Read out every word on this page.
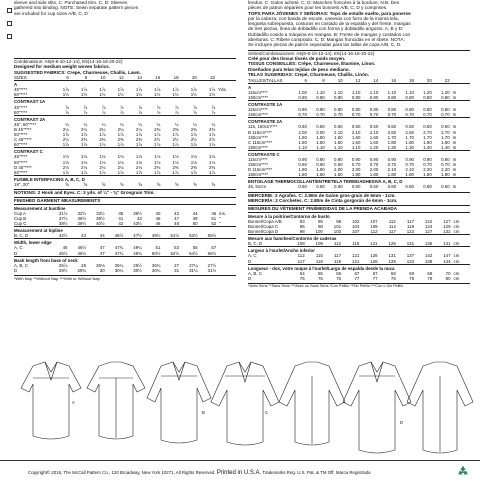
sleeve and side slits. C: Purchased trim. C, D: Sleeves
gathered into binding. NOTE: Sewn separate pattern pieces
are included for cup sizes A/B, C, D
Combinations: A5(6-8-10-12-14), E5(14-16-18-20-22)
Designed for medium weight woven fabrics.
SUGGESTED FABRICS: Crepe, Charmeuse, Challis, Lawn.
SIZES	6	8	10	12	14	16	18	20	22	
A										
45"****	1⅞	1⅞	1⅞	1⅞	1⅞	1⅞	1⅞	1⅞	1⅞	Yds.
60"****	1½	1½	1½	1½	1½	1½	1½	1½	1½	
CONTRAST 1A										
45"****	⅞	⅞	⅞	⅞	⅞	⅞	⅞	⅞	⅞	
60"****	⅞	⅞	⅞	⅞	⅞	⅞	⅞	⅞	⅞	
CONTRAST 2A										
45", 60"****	¼	¼	¼	¼	¼	¼	¼	¼	¼	
B 45"****	2¼	2¼	2¼	2¼	2¼	2⅜	2⅜	2⅜	2⅜	
60"****	1⅞	1⅞	1⅞	1⅞	1⅞	1⅞	1⅞	1⅞	1⅞	
C 45"****	2¼	2⅜	2⅜	2⅜	2⅜	2½	2½	2½	2½	
60"****	1⅞	1⅞	1⅞	1⅞	1⅞	1⅞	1⅞	1⅞	1⅞	
CONTRAST C										
45"****	1⅛	1⅛	1⅛	1⅛	1⅛	1⅛	1⅛	1⅛	1⅛	
60"****	1⅛	1⅛	1⅛	1⅛	1⅛	1⅛	1⅛	1⅛	1⅛	
D 45"****	2⅛	2⅛	2⅛	2⅛	2⅛	2⅜	2⅜	2⅜	2⅜	
60"****	1⅞	1⅞	1⅞	1⅞	1⅞	1⅞	1⅞	1⅞	1⅞	
FUSIBLE INTERFACING A, B, C, D										
18", 20"	⅝	⅝	⅝	⅝	⅝	⅝	⅝	⅝	⅝	
NOTIONS: 2 Hook and Eyes. C: 3 yds. of ¼" - ⅜" Grosgrain Trim.
FINISHED GARMENT MEASUREMENTS
Measurement at bustline										
Cup A	31½	32½	33½	35	36½	40	42	44	46	ins.
Cup B	37½	38½	39½	41	43	45	47	49	51	"
Cup C	38½	39½	40½	42	43½	46	48	50	52	"
Measurement at hipline										
B, C, D	42½	43	44	45½	47½	49½	51½	53½	55½	
Width, lower edge										
A, C	46	46½	47	47¾	49¼	51	53	55	57	
D	45½	46½	47	47¾	49¾	50½	52½	54½	56½	
Back length from base of neck										
A, B, C	25⅞	26	26⅛	26¼	26½	26¾	27	27¼	27½	
D	29½	29¾	30	30¼	30½	30¾	31	31¼	31½	
*With Nap **Without Nap ***With or Without Nap
fendus. C: Galon acheté. C, D: Manches froncées à la bordure. N.B. Des
pièces de patron séparées pour les bonnets A/B, C, D y comprises.
TOPS PARA JÓVENES Y SEÑORAS: Tops de entalle suelto, para ponerse
por la cabeza, con banda de escote, canesús con forro de la misma tela,
lengüeta sobrepuesta, costuras en costado de la espalda y del frente, mangas
de tres piezas, línea de dobladillo con forma y dobladillo angosto. A, B y D:
Dobladillo cosido a máquina en mangas. B: Frente de mangas y costados con
aberturas. C: Ribete comprado. C, D: Mangas fruncidas en el ribete. NOTA:
Se incluyen piezas de patrón separadas para las tallas de copa A/B, C, D.
Séries/Combinaciones: A5(6-8-10-12-14), E5(14-16-18-20-22)
Créé pour des tissus tissés de poids moyen.
TISSUS CONSEILLÉS: Crêpe, Charmeuse, Étamine, Linon.
Diseñados para telas tejidas de peso mediano.
TELAS SUGERIDAS: Crepé, Charmeuse, Challis, Linón.
TAILLES/TALLAS	6	8	10	12	14	16	18	20	22	
A										
115cm****	1.00	1.10	1.10	1.10	1.10	1.10	1.10	1.20	1.20	m
150cm****	0.80	0.80	0.80	0.80	0.80	0.80	0.80	0.80	0.80	m
CONTRASTE 1A										
115cm****	0.80	0.80	0.80	0.80	0.80	0.80	0.80	0.80	0.80	m
150cm****	0.70	0.70	0.70	0.70	0.70	0.70	0.70	0.70	0.70	m
CONTRASTE 2A										
115, 150cm****	0.60	0.60	0.60	0.60	0.60	0.60	0.60	0.60	0.60	m
B 115cm****	2.00	2.00	2.10	2.10	2.10	2.60	2.60	2.70	2.70	m
150cm****	1.50	1.50	1.60	1.60	1.60	1.70	1.70	1.70	1.70	m
C 115cm****	1.50	1.50	1.50	1.60	1.60	1.80	1.80	1.90	1.90	m
150cm****	1.10	1.10	1.10	1.10	1.20	1.30	1.30	1.40	1.40	m
CONTRASTE C										
115cm****	0.90	0.90	0.90	0.90	0.90	0.90	0.90	0.90	0.90	m
150cm****	0.60	0.60	0.60	0.70	0.70	0.70	0.70	0.70	0.70	m
D 115cm****	1.90	1.90	2.00	2.00	2.00	2.10	2.10	2.20	2.20	m
150cm****	1.60	1.60	1.60	1.80	1.80	1.80	1.80	1.80	1.90	m
ENTOILAGE THERMOCOLLANT/ENTRETELA TERMOADHESIVA A, B, C, D										
46, 51cm	0.60	0.60	0.60	0.60	0.60	0.60	0.60	0.60	0.60	m
MERCERIE: 2 Agrafes. C: 2.80m de Galon gros-grain de 6mm - 1cm.
MERCERÍA: 2 Corchetes. C: 2.80m de Cinta gorgorán de 6mm - 1cm.
MESURES DU VÊTEMENT FINI/MEDIDAS DE LA PRENDA ACABADA
Mesure à la poitrine/Contorno de busto										
Bonnet/Copa A/B	93	95	98	102	107	112	117	122	127	cm
Bonnet/Copa C	95	98	101	104	109	114	119	124	129	cm
Bonnet/Copa D	98	100	103	107	112	117	122	127	132	cm
Mesure aux hanches/Contorno de caderas										
B, C, D	108	109	112	116	121	126	131	136	141	cm
Largeur à l'ourlet/Ancho inferior										
A, C	112	115	117	121	126	131	137	142	147	cm
D	117	118	119	121	126	128	133	138	144	cm
Longueur - dos, votre nuque à l'ourlet/Largo de espalda desde la nuca										
A, B, C	64	65	66	67	67	68	69	69	70	cm
D	75	76	76	77	77	78	79	79	80	cm
*Avec Sens **Sans Sens ***Avec ou Sans Sens *Con Pelillo **Sin Pelillo ***Con o Sin Pelillo
A
B	C
D
Copyright© 2016, The McCall Pattern Co., 120 Broadway, New York 10271, All Rights Reserved. Printed in U.S.A. Trademarks Reg. U.S. Pat. & TM Off. Marca Registrada
